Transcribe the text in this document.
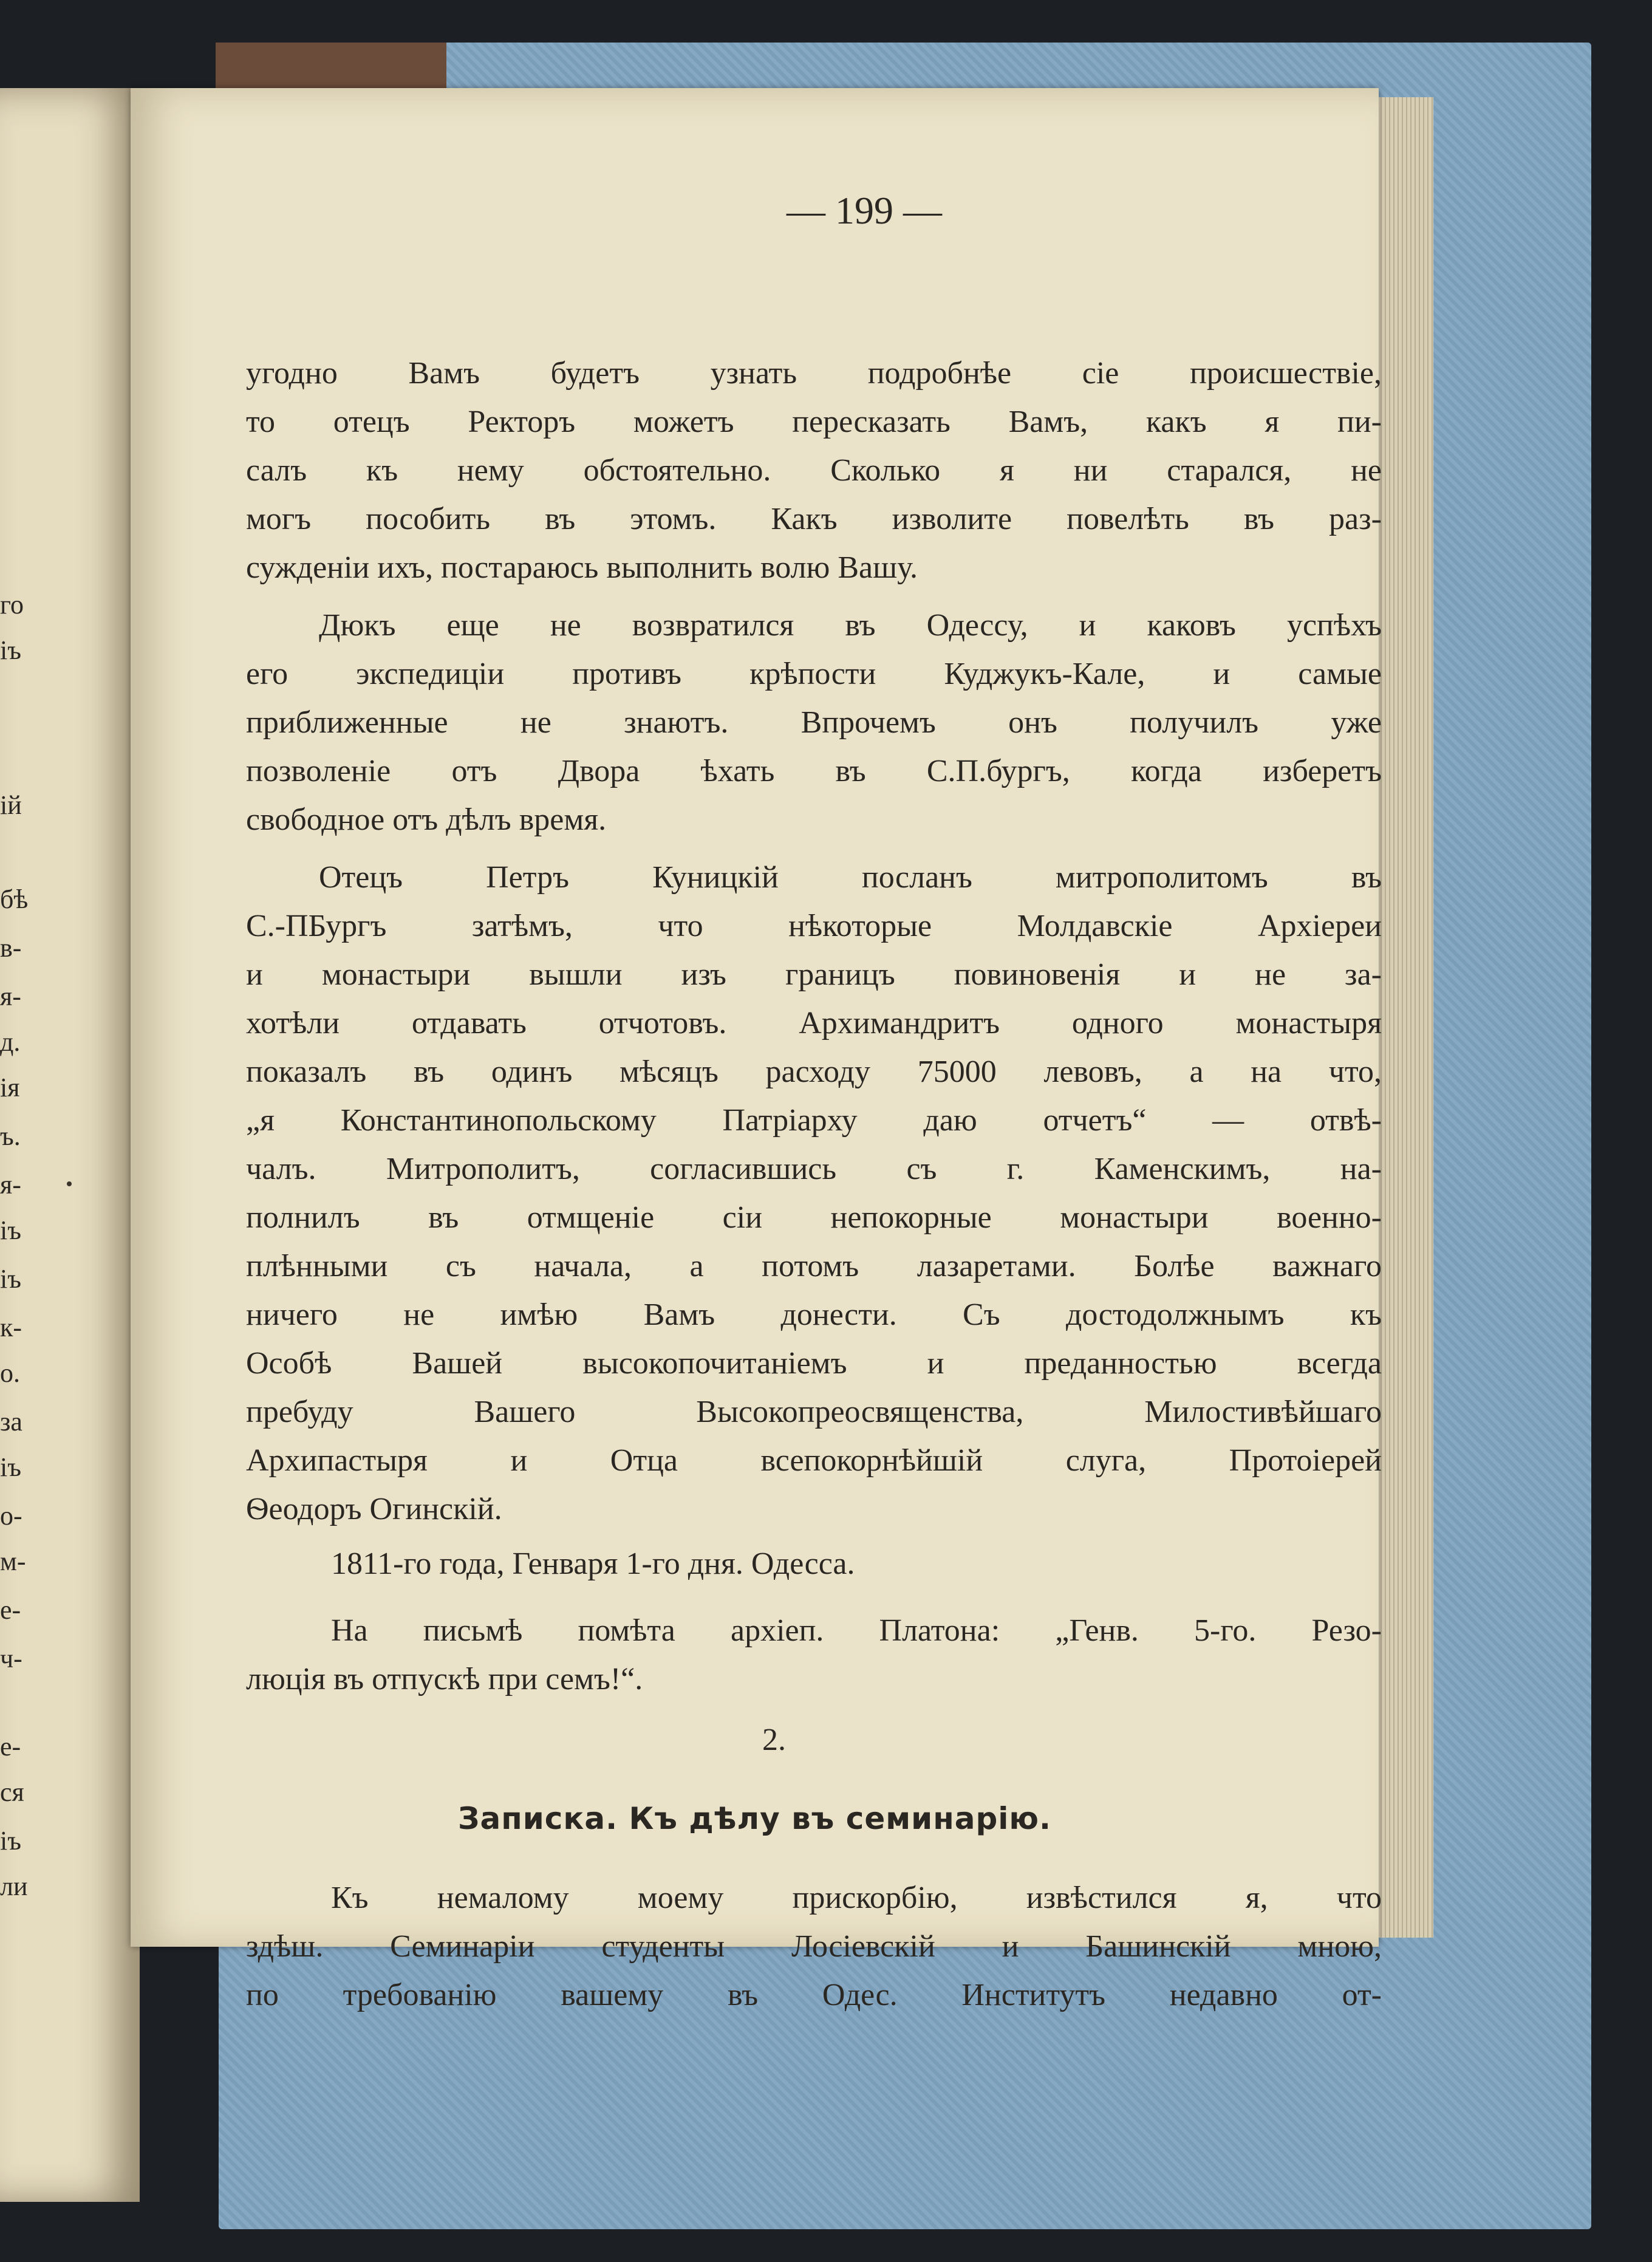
го
іъ
ій
бѣ
в-
я-
д.
ія
ъ.
я-
іъ
іъ
к-
о.
за
іъ
о-
м-
е-
ч-
е-
ся
іъ
ли
— 199 —
угодно Вамъ будетъ узнать подробнѣе сіе происшествіе,
то отецъ Ректоръ можетъ пересказать Вамъ, какъ я пи-
салъ къ нему обстоятельно. Сколько я ни старался, не
могъ пособить въ этомъ. Какъ изволите повелѣть въ раз-
сужденіи ихъ, постараюсь выполнить волю Вашу.
Дюкъ еще не возвратился въ Одессу, и каковъ успѣхъ
его экспедиціи противъ крѣпости Куджукъ-Кале, и самые
приближенные не знаютъ. Впрочемъ онъ получилъ уже
позволеніе отъ Двора ѣхать въ С.П.бургъ, когда изберетъ
свободное отъ дѣлъ время.
Отецъ Петръ Куницкій посланъ митрополитомъ въ
С.-ПБургъ затѣмъ, что нѣкоторые Молдавскіе Архіереи
и монастыри вышли изъ границъ повиновенія и не за-
хотѣли отдавать отчотовъ. Архимандритъ одного монастыря
показалъ въ одинъ мѣсяцъ расходу 75000 левовъ, а на что,
„я Константинопольскому Патріарху даю отчетъ“ — отвѣ-
чалъ. Митрополитъ, согласившись съ г. Каменскимъ, на-
полнилъ въ отмщеніе сіи непокорные монастыри военно-
плѣнными съ начала, а потомъ лазаретами. Болѣе важнаго
ничего не имѣю Вамъ донести. Съ достодолжнымъ къ
Особѣ Вашей высокопочитаніемъ и преданностью всегда
пребуду Вашего Высокопреосвященства, Милостивѣйшаго
Архипастыря и Отца всепокорнѣйшій слуга, Протоіерей
Ѳеодоръ Огинскій.
1811-го года, Генваря 1-го дня. Одесса.
На письмѣ помѣта архіеп. Платона: „Генв. 5-го. Резо-
люція въ отпускѣ при семъ!“.
2.
Записка. Къ дѣлу въ семинарію.
Къ немалому моему прискорбію, извѣстился я, что
здѣш. Семинаріи студенты Лосіевскій и Башинскій мною,
по требованію вашему въ Одес. Институтъ недавно от-
